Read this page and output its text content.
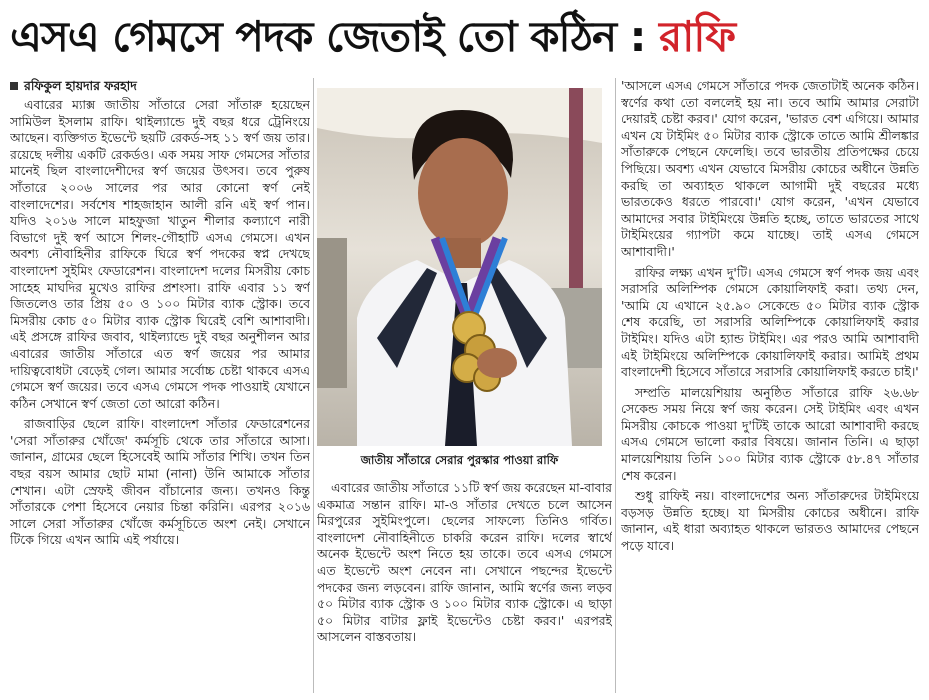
এসএ গেমসে পদক জেতাই তো কঠিন : রাফি
রফিকুল হায়দার ফরহাদ

এবারের ম্যাক্স জাতীয় সাঁতারে সেরা সাঁতারু হয়েছেন সামিউল ইসলাম রাফি। থাইল্যান্ডে দুই বছর ধরে ট্রেনিংয়ে আছেন। ব্যক্তিগত ইভেন্টে ছয়টি রেকর্ড-সহ ১১ স্বর্ণ জয় তার। রয়েছে দলীয় একটি রেকর্ডও। এক সময় সাফ গেমসের সাঁতার মানেই ছিল বাংলাদেশীদের স্বর্ণ জয়ের উৎসব। তবে পুরুষ সাঁতারে ২০০৬ সালের পর আর কোনো স্বর্ণ নেই বাংলাদেশের। সর্বশেষ শাহজাহান আলী রনি এই স্বর্ণ পান। যদিও ২০১৬ সালে মাহফুজা খাতুন শীলার কল্যাণে নারী বিভাগে দুই স্বর্ণ আসে শিলং-গৌহাটি এসএ গেমসে। এখন অবশ্য নৌবাহিনীর রাফিকে ঘিরে স্বর্ণ পদকের স্বপ্ন দেখছে বাংলাদেশ সুইমিং ফেডারেশন। বাংলাদেশ দলের মিসরীয় কোচ সাহেহ মাঘদির মুখেও রাফির প্রশংসা। রাফি এবার ১১ স্বর্ণ জিতলেও তার প্রিয় ৫০ ও ১০০ মিটার ব্যাক স্ট্রোক। তবে মিসরীয় কোচ ৫০ মিটার ব্যাক স্ট্রোক ঘিরেই বেশি আশাবাদী। এই প্রসঙ্গে রাফির জবাব, থাইল্যান্ডে দুই বছর অনুশীলন আর এবারের জাতীয় সাঁতারে এত স্বর্ণ জয়ের পর আমার দায়িত্ববোধটা বেড়েই গেল। আমার সর্বোচ্চ চেষ্টা থাকবে এসএ গেমসে স্বর্ণ জয়ের। তবে এসএ গেমসে পদক পাওয়াই যেখানে কঠিন সেখানে স্বর্ণ জেতা তো আরো কঠিন।

রাজবাড়ির ছেলে রাফি। বাংলাদেশ সাঁতার ফেডারেশনের 'সেরা সাঁতারুর খোঁজে' কর্মসূচি থেকে তার সাঁতারে আসা। জানান, গ্রামের ছেলে হিসেবেই আমি সাঁতার শিখি। তখন তিন বছর বয়স আমার ছোট মামা (নানা) উনি আমাকে সাঁতার শেখান। এটা স্রেফই জীবন বাঁচানোর জন্য। তখনও কিন্তু সাঁতারকে পেশা হিসেবে নেয়ার চিন্তা করিনি। এরপর ২০১৬ সালে সেরা সাঁতারুর খোঁজে কর্মসূচিতে অংশ নেই। সেখানে টিকে গিয়ে এখন আমি এই পর্যায়ে।

জাতীয় সাঁতারে সেরার পুরস্কার পাওয়া রাফি

এবারের জাতীয় সাঁতারে ১১টি স্বর্ণ জয় করেছেন মা-বাবার একমাত্র সন্তান রাফি। মা-ও সাঁতার দেখতে চলে আসেন মিরপুরের সুইমিংপুলে। ছেলের সাফল্যে তিনিও গর্বিত। বাংলাদেশ নৌবাহিনীতে চাকরি করেন রাফি। দলের স্বার্থে অনেক ইভেন্টে অংশ নিতে হয় তাকে। তবে এসএ গেমসে এত ইভেন্টে অংশ নেবেন না। সেখানে পছন্দের ইভেন্টে পদকের জন্য লড়বেন। রাফি জানান, আমি স্বর্ণের জন্য লড়ব ৫০ মিটার ব্যাক স্ট্রোক ও ১০০ মিটার ব্যাক স্ট্রোকে। এ ছাড়া ৫০ মিটার বাটার ফ্লাই ইভেন্টেও চেষ্টা করব।' এরপরই আসলেন বাস্তবতায়।

'আসলে এসএ গেমসে সাঁতারে পদক জেতাটাই অনেক কঠিন। স্বর্ণের কথা তো বললেই হয় না। তবে আমি আমার সেরাটা দেয়ারই চেষ্টা করব।' যোগ করেন, 'ভারত বেশ এগিয়ে। আমার এখন যে টাইমিং ৫০ মিটার ব্যাক স্ট্রোকে তাতে আমি শ্রীলঙ্কার সাঁতারুকে পেছনে ফেলেছি। তবে ভারতীয় প্রতিপক্ষের চেয়ে পিছিয়ে। অবশ্য এখন যেভাবে মিসরীয় কোচের অধীনে উন্নতি করছি তা অব্যাহত থাকলে আগামী দুই বছরের মধ্যে ভারতকেও ধরতে পারবো।' যোগ করেন, 'এখন যেভাবে আমাদের সবার টাইমিংয়ে উন্নতি হচ্ছে, তাতে ভারতের সাথে টাইমিংয়ের গ্যাপটা কমে যাচ্ছে। তাই এসএ গেমসে আশাবাদী।'

রাফির লক্ষ্য এখন দু'টি। এসএ গেমসে স্বর্ণ পদক জয় এবং সরাসরি অলিম্পিক গেমসে কোয়ালিফাই করা। তথ্য দেন, 'আমি যে এখানে ২৫.৯০ সেকেন্ডে ৫০ মিটার ব্যাক স্ট্রোক শেষ করেছি, তা সরাসরি অলিম্পিকে কোয়ালিফাই করার টাইমিং। যদিও এটা হ্যান্ড টাইমিং। এর পরও আমি আশাবাদী এই টাইমিংয়ে অলিম্পিকে কোয়ালিফাই করার। আমিই প্রথম বাংলাদেশী হিসেবে সাঁতারে সরাসরি কোয়ালিফাই করতে চাই।'

সম্প্রতি মালয়েশিয়ায় অনুষ্ঠিত সাঁতারে রাফি ২৬.৬৮ সেকেন্ড সময় নিয়ে স্বর্ণ জয় করেন। সেই টাইমিং এবং এখন মিসরীয় কোচকে পাওয়া দু'টিই তাকে আরো আশাবাদী করছে এসএ গেমসে ভালো করার বিষয়ে। জানান তিনি। এ ছাড়া মালয়েশিয়ায় তিনি ১০০ মিটার ব্যাক স্ট্রোকে ৫৮.৪৭ সাঁতার শেষ করেন।

শুধু রাফিই নয়। বাংলাদেশের অন্য সাঁতারুদের টাইমিংয়ে বড়সড় উন্নতি হচ্ছে। যা মিসরীয় কোচের অধীনে। রাফি জানান, এই ধারা অব্যাহত থাকলে ভারতও আমাদের পেছনে পড়ে যাবে।
